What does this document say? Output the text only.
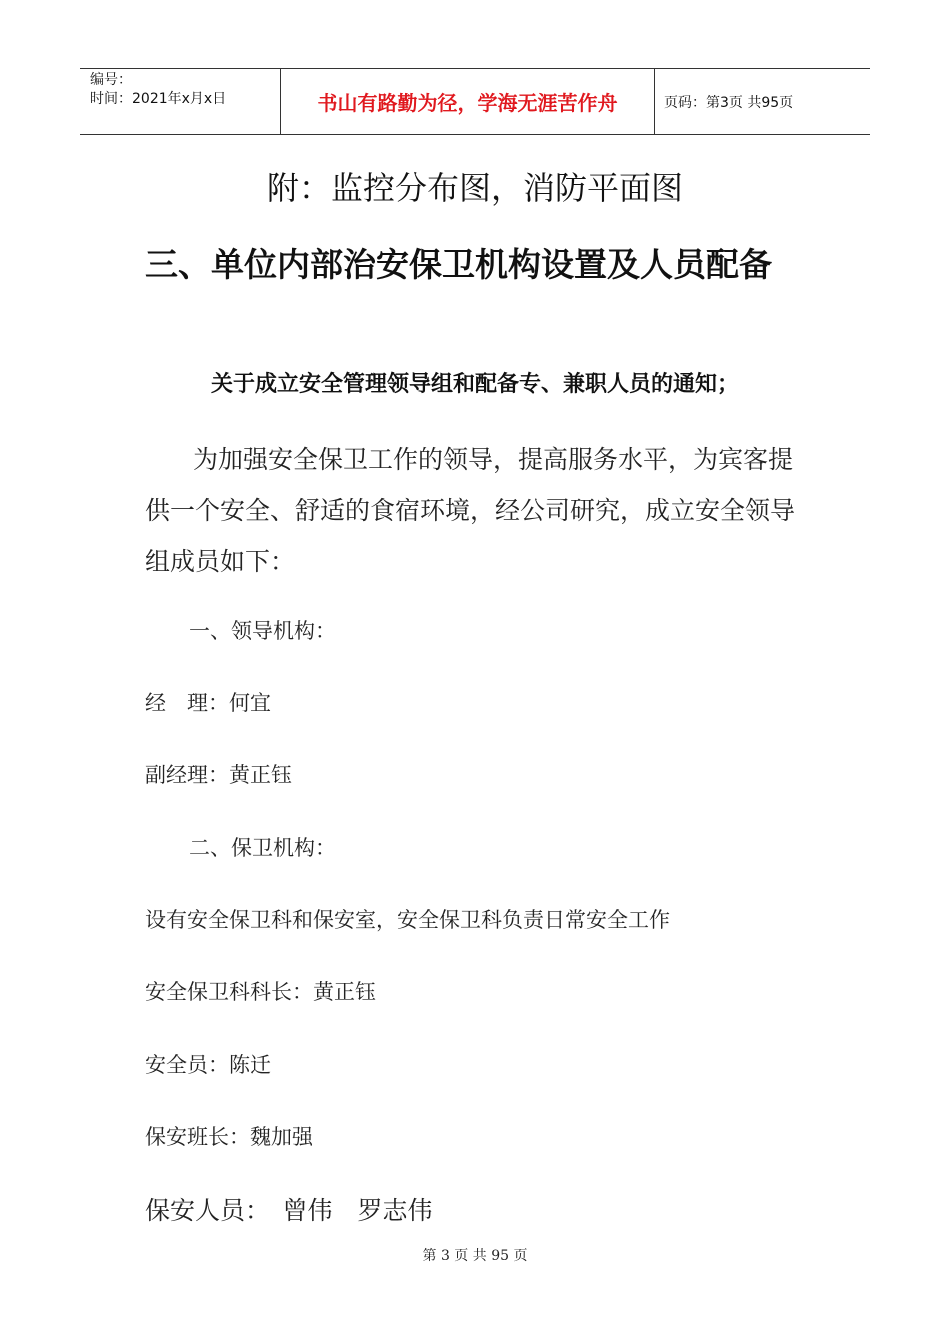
编号：
时间：2021年x月x日	书山有路勤为径，学海无涯苦作舟	页码：第3页 共95页
附：监控分布图，消防平面图
三、单位内部治安保卫机构设置及人员配备
关于成立安全管理领导组和配备专、兼职人员的通知；
为加强安全保卫工作的领导，提高服务水平，为宾客提供一个安全、舒适的食宿环境，经公司研究，成立安全领导组成员如下：
一、领导机构：
经　理：何宜
副经理：黄正钰
二、保卫机构：
设有安全保卫科和保安室，安全保卫科负责日常安全工作
安全保卫科科长：黄正钰
安全员：陈迁
保安班长：魏加强
保安人员：　曾伟　罗志伟
第 3 页 共 95 页
